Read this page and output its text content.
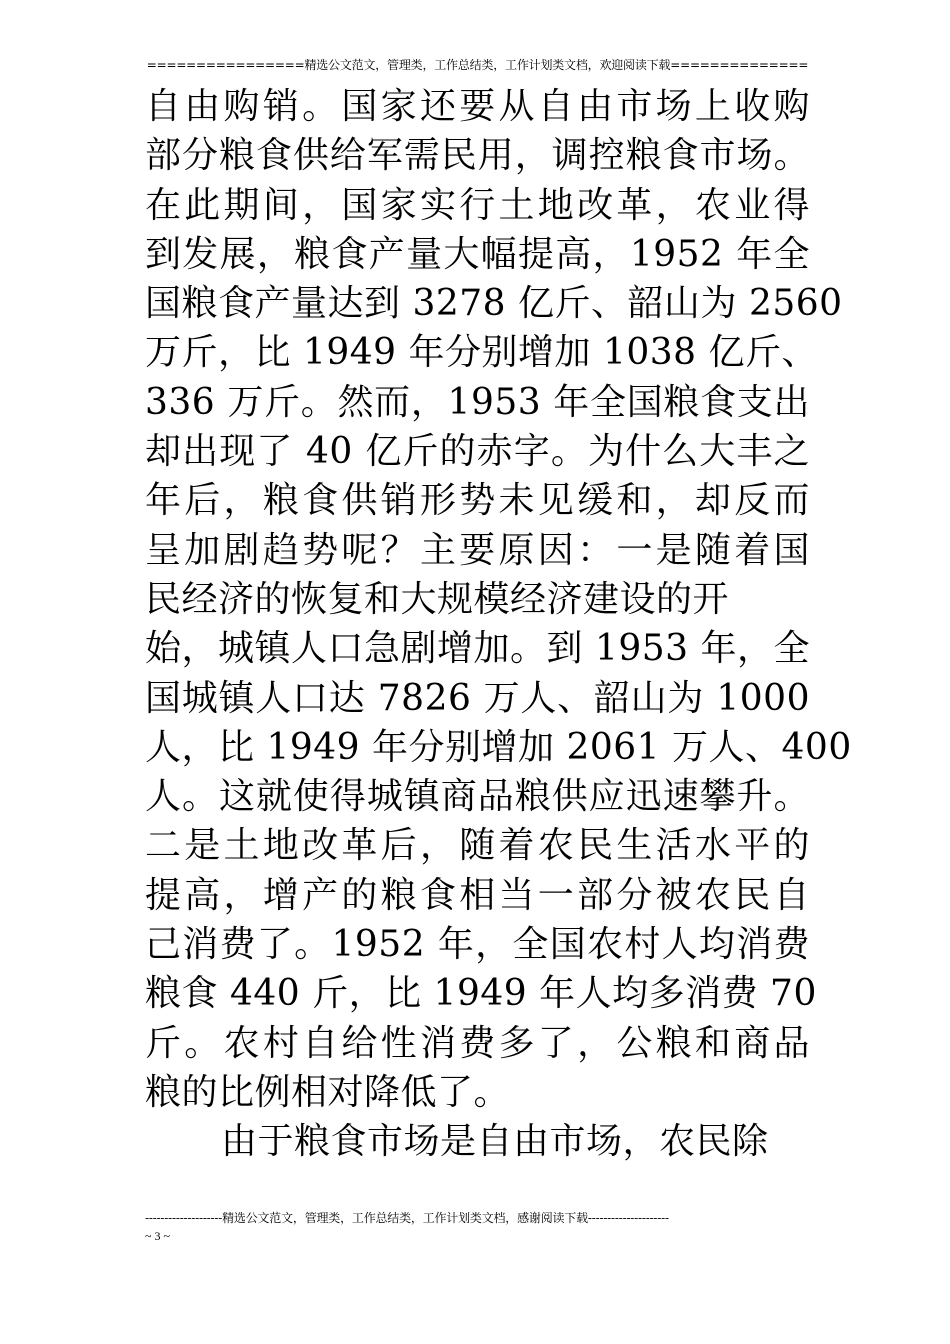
================精选公文范文，管理类，工作总结类，工作计划类文档，欢迎阅读下载==============
自由购销。国家还要从自由市场上收购
部分粮食供给军需民用，调控粮食市场。
在此期间，国家实行土地改革，农业得
到发展，粮食产量大幅提高，1952 年全
国粮食产量达到 3278 亿斤、韶山为 2560
万斤，比 1949 年分别增加 1038 亿斤、
336 万斤。然而，1953 年全国粮食支出
却出现了 40 亿斤的赤字。为什么大丰之
年后，粮食供销形势未见缓和，却反而
呈加剧趋势呢？主要原因：一是随着国
民经济的恢复和大规模经济建设的开
始，城镇人口急剧增加。到 1953 年，全
国城镇人口达 7826 万人、韶山为 1000
人，比 1949 年分别增加 2061 万人、400
人。这就使得城镇商品粮供应迅速攀升。
二是土地改革后，随着农民生活水平的
提高，增产的粮食相当一部分被农民自
己消费了。1952 年，全国农村人均消费
粮食 440 斤，比 1949 年人均多消费 70
斤。农村自给性消费多了，公粮和商品
粮的比例相对降低了。
由于粮食市场是自由市场，农民除
--------------------精选公文范文，管理类，工作总结类，工作计划类文档，感谢阅读下载---------------------
~ 3 ~
